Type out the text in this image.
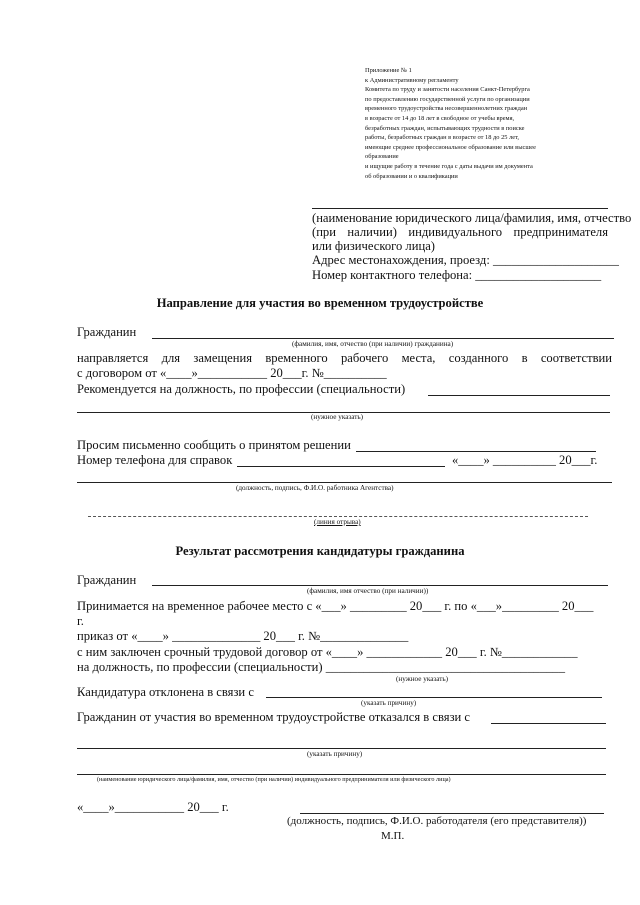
Приложение № 1
к Административному регламенту
Комитета по труду и занятости населения Санкт-Петербурга
по предоставлению государственной услуги по организации
временного трудоустройства несовершеннолетних граждан
в возрасте от 14 до 18 лет в свободное от учебы время,
безработных граждан, испытывающих трудности в поиске
работы, безработных граждан в возрасте от 18 до 25 лет,
имеющие среднее профессиональное образование или высшее
образование
и ищущие работу в течение года с даты выдачи им документа
об образовании и о квалификации
(наименование юридического лица/фамилия, имя, отчество
(при наличии) индивидуального предпринимателя
или физического лица)
Адрес местонахождения, проезд: ____________________
Номер контактного телефона: ____________________
Направление для участия во временном трудоустройстве
Гражданин
(фамилия, имя, отчество (при наличии) гражданина)
направляется для замещения временного рабочего места, созданного в соответствии
с договором от «____»___________ 20___г. №__________
Рекомендуется на должность, по профессии (специальности)
(нужное указать)
Просим письменно сообщить о принятом решении
Номер телефона для справок	«____» __________ 20___г.
(должность, подпись, Ф.И.О. работника Агентства)
(линия отрыва)
Результат рассмотрения кандидатуры гражданина
Гражданин
(фамилия, имя отчество (при наличии))
Принимается на временное рабочее место с «___» _________ 20___ г. по «___»_________ 20___
г.
приказ от «____» ______________ 20___ г. №______________
с ним заключен срочный трудовой договор от «____» ____________ 20___ г. №____________
на должность, по профессии (специальности) ______________________________________
(нужное указать)
Кандидатура отклонена в связи с
(указать причину)
Гражданин от участия во временном трудоустройстве отказался в связи с
(указать причину)
(наименование юридического лица/фамилия, имя, отчество (при наличии) индивидуального предпринимателя или физического лица)
«____»___________ 20___ г.
(должность, подпись, Ф.И.О. работодателя (его представителя))
М.П.
